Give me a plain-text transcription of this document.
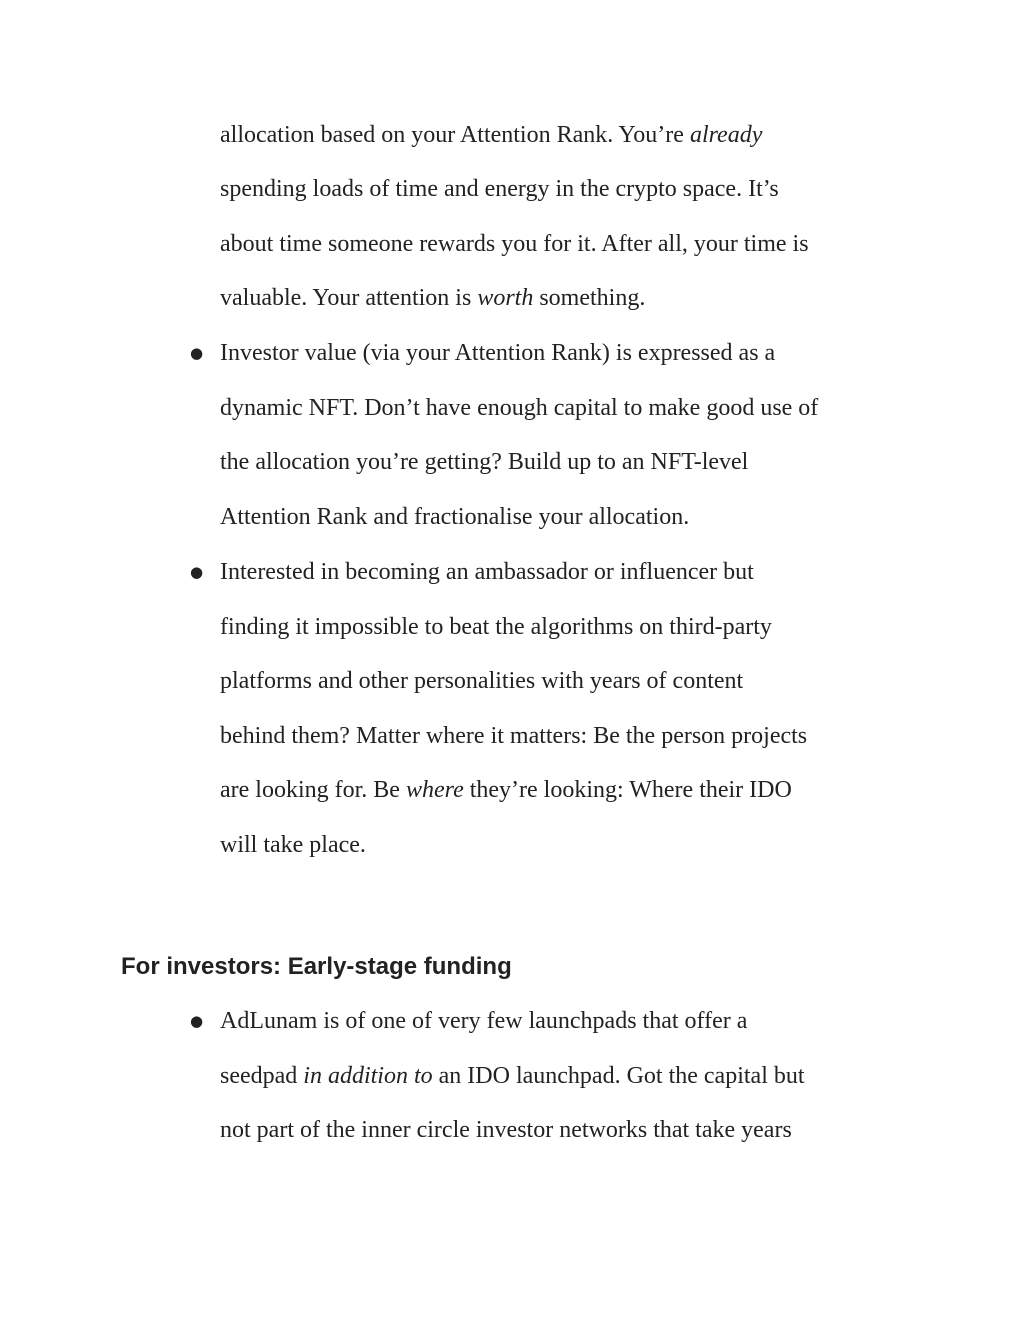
allocation based on your Attention Rank. You’re already
spending loads of time and energy in the crypto space. It’s
about time someone rewards you for it. After all, your time is
valuable. Your attention is worth something.
● Investor value (via your Attention Rank) is expressed as a
dynamic NFT. Don’t have enough capital to make good use of
the allocation you’re getting? Build up to an NFT-level
Attention Rank and fractionalise your allocation.
● Interested in becoming an ambassador or influencer but
finding it impossible to beat the algorithms on third-party
platforms and other personalities with years of content
behind them? Matter where it matters: Be the person projects
are looking for. Be where they’re looking: Where their IDO
will take place.
For investors: Early-stage funding
● AdLunam is of one of very few launchpads that offer a
seedpad in addition to an IDO launchpad. Got the capital but
not part of the inner circle investor networks that take years
